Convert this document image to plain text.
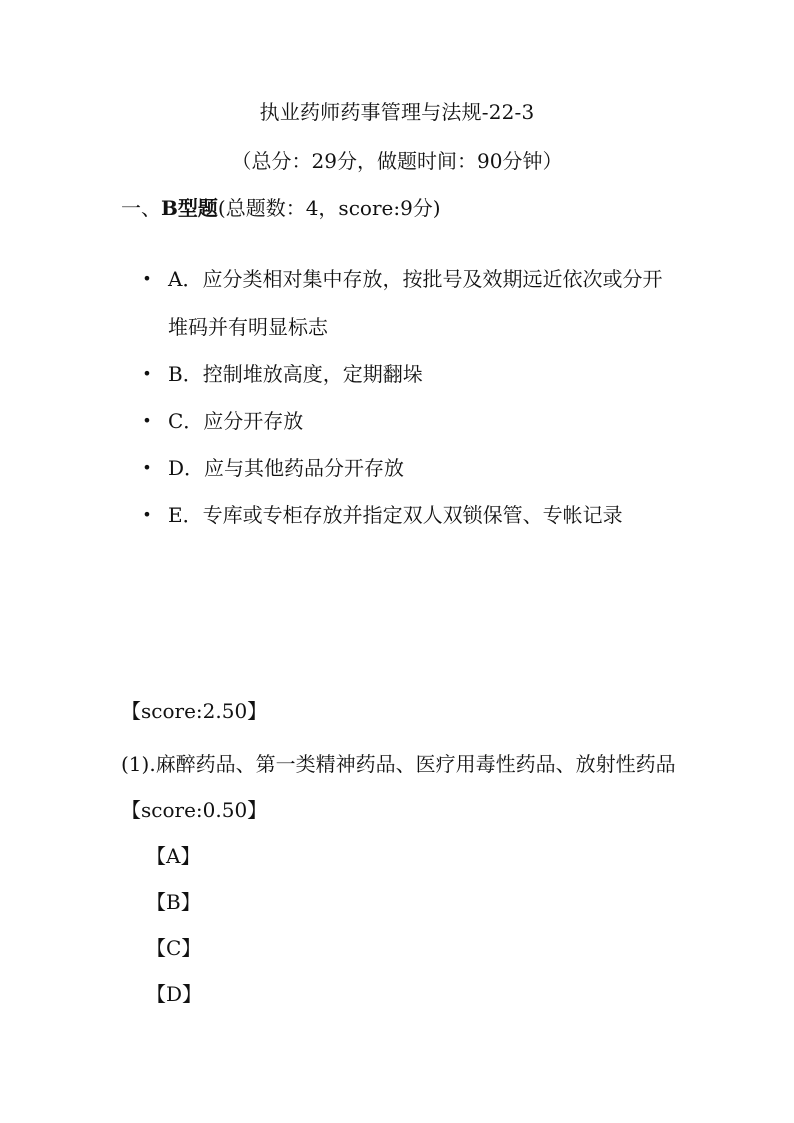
执业药师药事管理与法规-22-3
（总分：29分，做题时间：90分钟）
一、B型题(总题数：4，score:9分)
• A．应分类相对集中存放，按批号及效期远近依次或分开堆码并有明显标志
• B．控制堆放高度，定期翻垛
• C．应分开存放
• D．应与其他药品分开存放
• E．专库或专柜存放并指定双人双锁保管、专帐记录
【score:2.50】
(1).麻醉药品、第一类精神药品、医疗用毒性药品、放射性药品【score:0.50】
【A】
【B】
【C】
【D】
